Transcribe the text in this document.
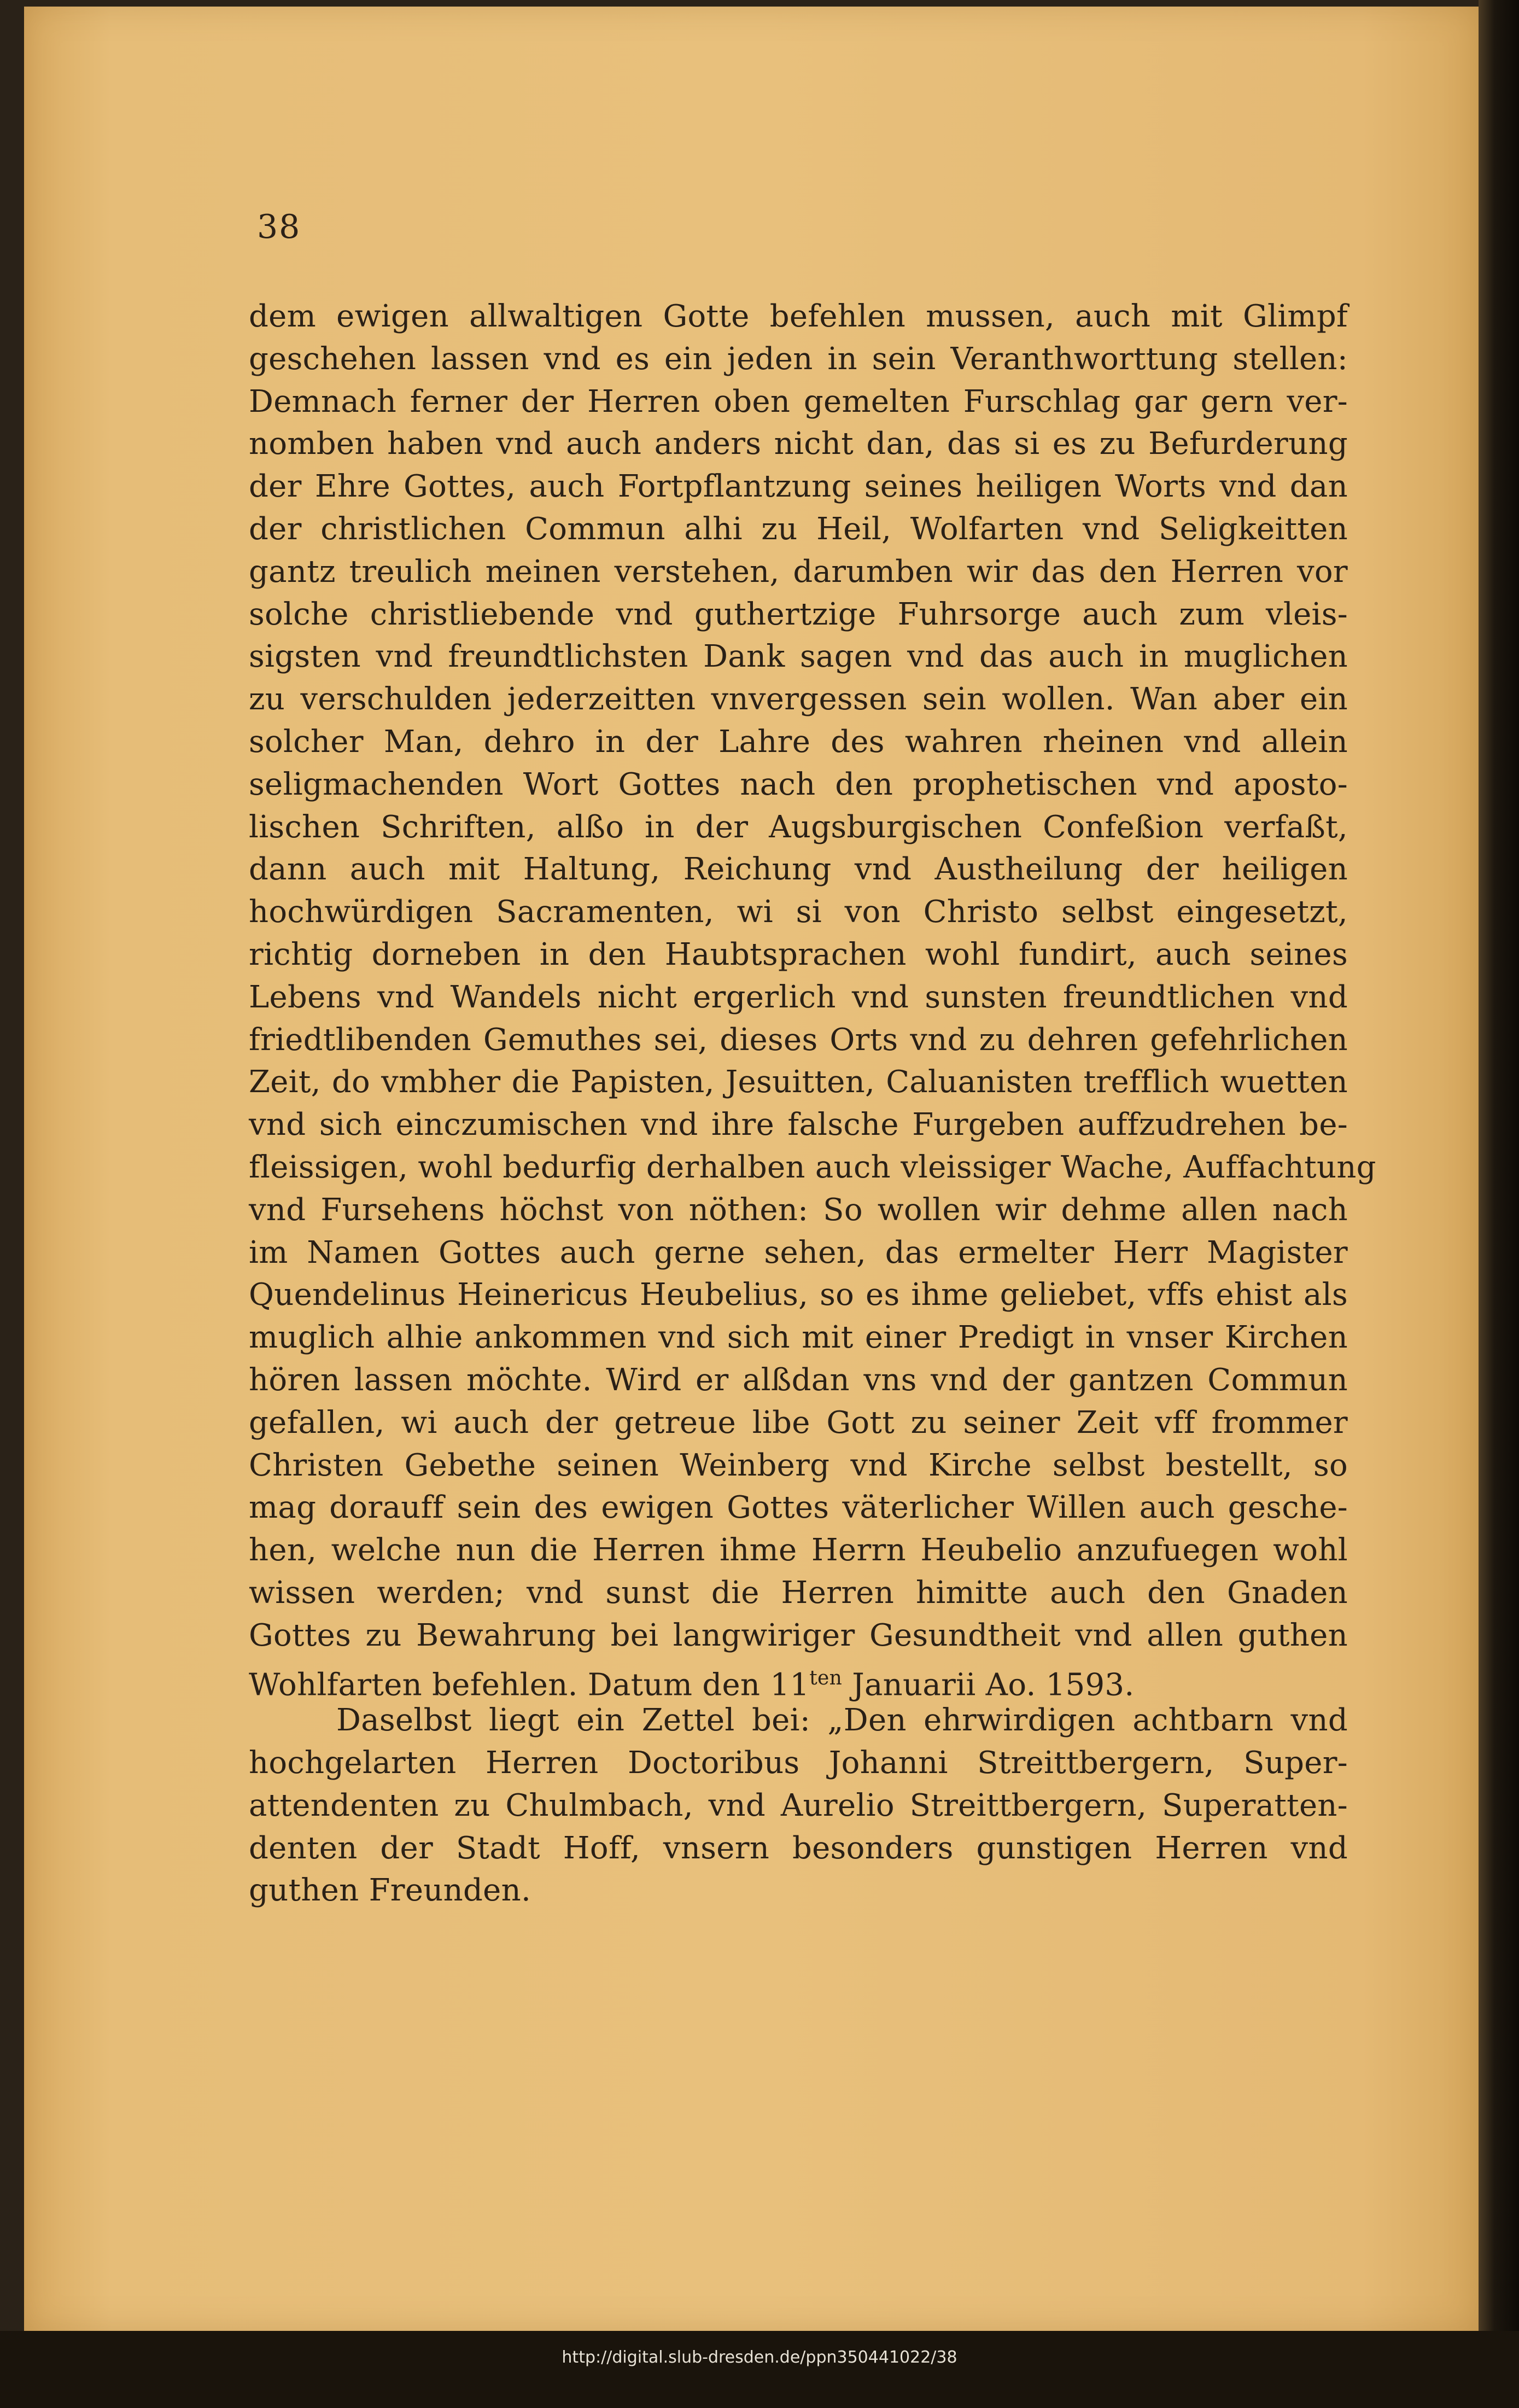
38
dem ewigen allwaltigen Gotte befehlen mussen, auch mit Glimpf
geschehen lassen vnd es ein jeden in sein Veranthworttung stellen:
Demnach ferner der Herren oben gemelten Furschlag gar gern ver-
nomben haben vnd auch anders nicht dan, das si es zu Befurderung
der Ehre Gottes, auch Fortpflantzung seines heiligen Worts vnd dan
der christlichen Commun alhi zu Heil, Wolfarten vnd Seligkeitten
gantz treulich meinen verstehen, darumben wir das den Herren vor
solche christliebende vnd guthertzige Fuhrsorge auch zum vleis-
sigsten vnd freundtlichsten Dank sagen vnd das auch in muglichen
zu verschulden jederzeitten vnvergessen sein wollen. Wan aber ein
solcher Man, dehro in der Lahre des wahren rheinen vnd allein
seligmachenden Wort Gottes nach den prophetischen vnd aposto-
lischen Schriften, alßo in der Augsburgischen Confeßion verfaßt,
dann auch mit Haltung, Reichung vnd Austheilung der heiligen
hochwürdigen Sacramenten, wi si von Christo selbst eingesetzt,
richtig dorneben in den Haubtsprachen wohl fundirt, auch seines
Lebens vnd Wandels nicht ergerlich vnd sunsten freundtlichen vnd
friedtlibenden Gemuthes sei, dieses Orts vnd zu dehren gefehrlichen
Zeit, do vmbher die Papisten, Jesuitten, Caluanisten trefflich wuetten
vnd sich einczumischen vnd ihre falsche Furgeben auffzudrehen be-
fleissigen, wohl bedurfig derhalben auch vleissiger Wache, Auffachtung
vnd Fursehens höchst von nöthen: So wollen wir dehme allen nach
im Namen Gottes auch gerne sehen, das ermelter Herr Magister
Quendelinus Heinericus Heubelius, so es ihme geliebet, vffs ehist als
muglich alhie ankommen vnd sich mit einer Predigt in vnser Kirchen
hören lassen möchte. Wird er alßdan vns vnd der gantzen Commun
gefallen, wi auch der getreue libe Gott zu seiner Zeit vff frommer
Christen Gebethe seinen Weinberg vnd Kirche selbst bestellt, so
mag dorauff sein des ewigen Gottes väterlicher Willen auch gesche-
hen, welche nun die Herren ihme Herrn Heubelio anzufuegen wohl
wissen werden; vnd sunst die Herren himitte auch den Gnaden
Gottes zu Bewahrung bei langwiriger Gesundtheit vnd allen guthen
Wohlfarten befehlen. Datum den $11^{ten}$ Januarii Ao. 1593.
Daselbst liegt ein Zettel bei: „Den ehrwirdigen achtbarn vnd
hochgelarten Herren Doctoribus Johanni Streittbergern, Super-
attendenten zu Chulmbach, vnd Aurelio Streittbergern, Superatten-
denten der Stadt Hoff, vnsern besonders gunstigen Herren vnd
guthen Freunden.
http://digital.slub-dresden.de/ppn350441022/38
